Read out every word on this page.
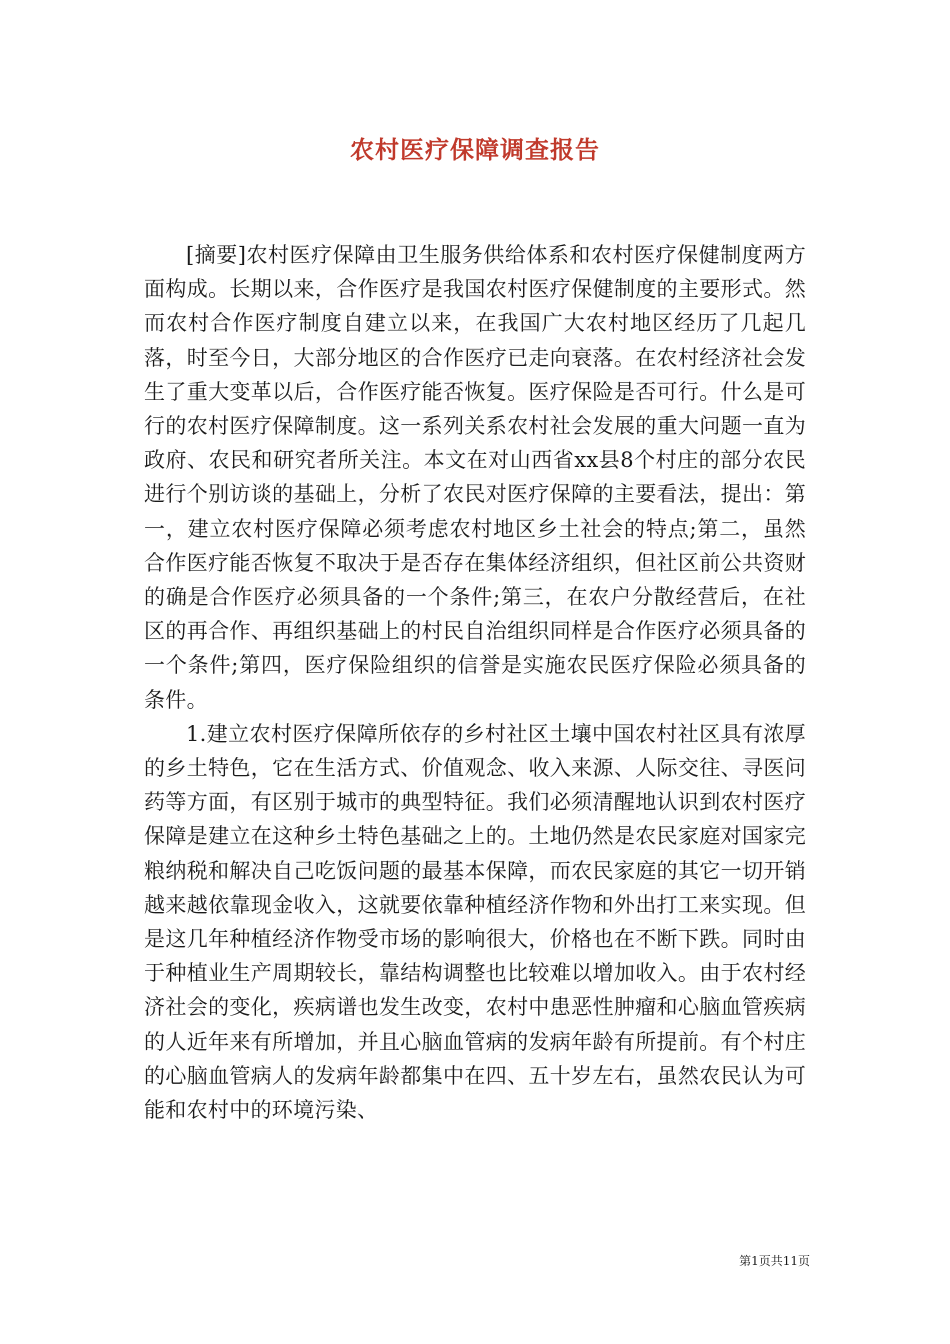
农村医疗保障调查报告

[摘要]农村医疗保障由卫生服务供给体系和农村医疗保健制度两方面构成。长期以来，合作医疗是我国农村医疗保健制度的主要形式。然而农村合作医疗制度自建立以来，在我国广大农村地区经历了几起几落，时至今日，大部分地区的合作医疗已走向衰落。在农村经济社会发生了重大变革以后，合作医疗能否恢复。医疗保险是否可行。什么是可行的农村医疗保障制度。这一系列关系农村社会发展的重大问题一直为政府、农民和研究者所关注。本文在对山西省xx县8个村庄的部分农民进行个别访谈的基础上，分析了农民对医疗保障的主要看法，提出：第一，建立农村医疗保障必须考虑农村地区乡土社会的特点;第二，虽然合作医疗能否恢复不取决于是否存在集体经济组织，但社区前公共资财的确是合作医疗必须具备的一个条件;第三，在农户分散经营后，在社区的再合作、再组织基础上的村民自治组织同样是合作医疗必须具备的一个条件;第四，医疗保险组织的信誉是实施农民医疗保险必须具备的条件。

1.建立农村医疗保障所依存的乡村社区土壤中国农村社区具有浓厚的乡土特色，它在生活方式、价值观念、收入来源、人际交往、寻医问药等方面，有区别于城市的典型特征。我们必须清醒地认识到农村医疗保障是建立在这种乡土特色基础之上的。土地仍然是农民家庭对国家完粮纳税和解决自己吃饭问题的最基本保障，而农民家庭的其它一切开销越来越依靠现金收入，这就要依靠种植经济作物和外出打工来实现。但是这几年种植经济作物受市场的影响很大，价格也在不断下跌。同时由于种植业生产周期较长，靠结构调整也比较难以增加收入。由于农村经济社会的变化，疾病谱也发生改变，农村中患恶性肿瘤和心脑血管疾病的人近年来有所增加，并且心脑血管病的发病年龄有所提前。有个村庄的心脑血管病人的发病年龄都集中在四、五十岁左右，虽然农民认为可能和农村中的环境污染、

第1页共11页
